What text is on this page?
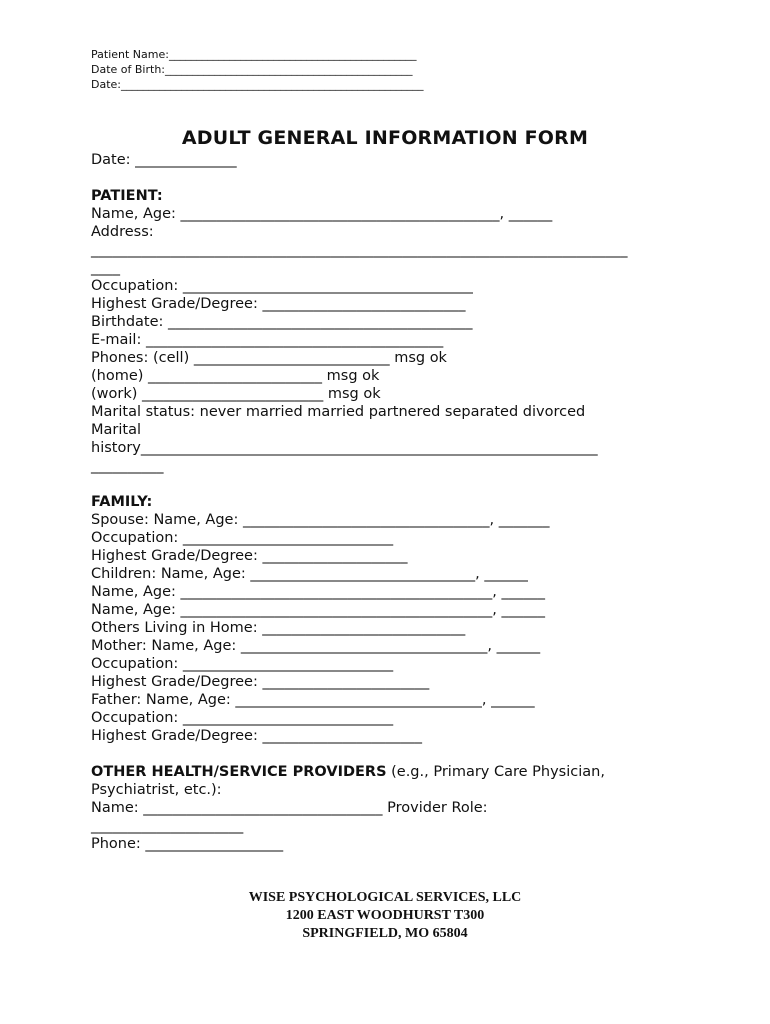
Patient Name:_____________________________________________
Date of Birth:_____________________________________________
Date:_______________________________________________________
ADULT GENERAL INFORMATION FORM
Date: ______________
PATIENT:
Name, Age: ____________________________________________, ______
Address:
__________________________________________________________________________
____
Occupation: ________________________________________
Highest Grade/Degree: ____________________________
Birthdate: __________________________________________
E-mail: _________________________________________
Phones: (cell) ___________________________ msg ok
(home) ________________________ msg ok
(work) _________________________ msg ok
Marital status: never married married partnered separated divorced
Marital
history_______________________________________________________________
__________
FAMILY:
Spouse: Name, Age: __________________________________, _______
Occupation: _____________________________
Highest Grade/Degree: ____________________
Children: Name, Age: _______________________________, ______
Name, Age: ___________________________________________, ______
Name, Age: ___________________________________________, ______
Others Living in Home: ____________________________
Mother: Name, Age: __________________________________, ______
Occupation: _____________________________
Highest Grade/Degree: _______________________
Father: Name, Age: __________________________________, ______
Occupation: _____________________________
Highest Grade/Degree: ______________________
OTHER HEALTH/SERVICE PROVIDERS (e.g., Primary Care Physician,
Psychiatrist, etc.):
Name: _________________________________ Provider Role:
_____________________
Phone: ___________________
WISE PSYCHOLOGICAL SERVICES, LLC
1200 EAST WOODHURST T300
SPRINGFIELD, MO 65804
